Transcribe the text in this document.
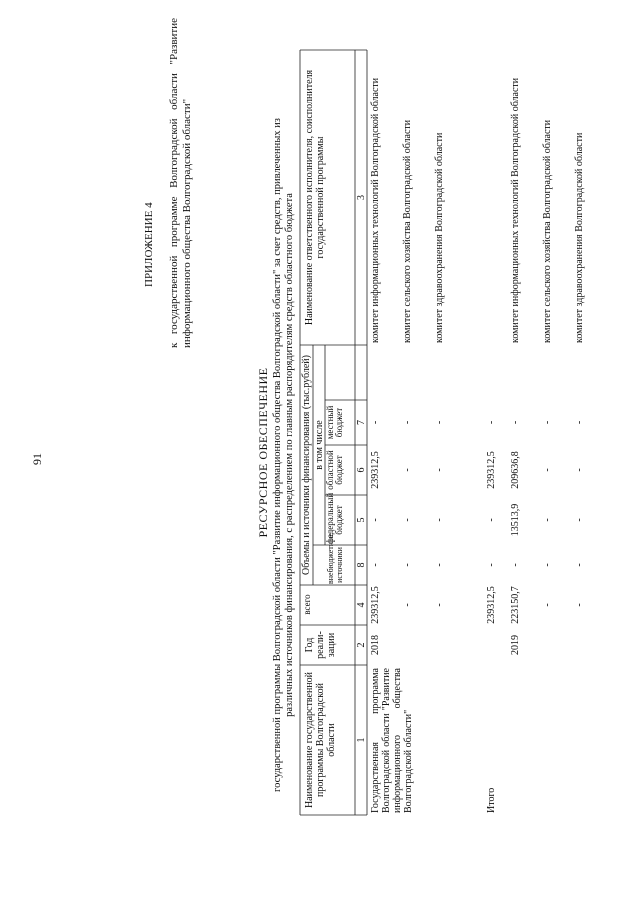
91
ПРИЛОЖЕНИЕ 4 к государственной программе Волгоградской области "Развитие информационного общества Волгоградской области"
РЕСУРСНОЕ ОБЕСПЕЧЕНИЕ государственной программы Волгоградской области "Развитие информационного общества Волгоградской области" за счет средств, привлеченных из различных источников финансирования, с распределением по главным распорядителям средств областного бюджета
Наименование государственной программы Волгоградской области
Год реали-зации
всего
Наименование ответственного исполнителя, соисполнителя государственной программы
Объемы и источники финансирования (тыс.рублей) в том числе
федеральный бюджет
областной бюджет
местный бюджет
внебюджетные источники
1
2
3
4
5
6
7
8
Государственная программа Волгоградской области "Развитие информационного общества Волгоградской области"	Итого
2018
комитет информационных технологий Волгоградской области
239312,5
-
239312,5
-
-
комитет сельского хозяйства Волгоградской области
-
-
-
-
-
комитет здравоохранения Волгоградской области
-
-
-
-
-
239312,5
-
239312,5
-
-
2019
комитет информационных технологий Волгоградской области
223150,7
13513,9
209636,8
-
-
комитет сельского хозяйства Волгоградской области
-
-
-
-
-
комитет здравоохранения Волгоградской области
-
-
-
-
-
